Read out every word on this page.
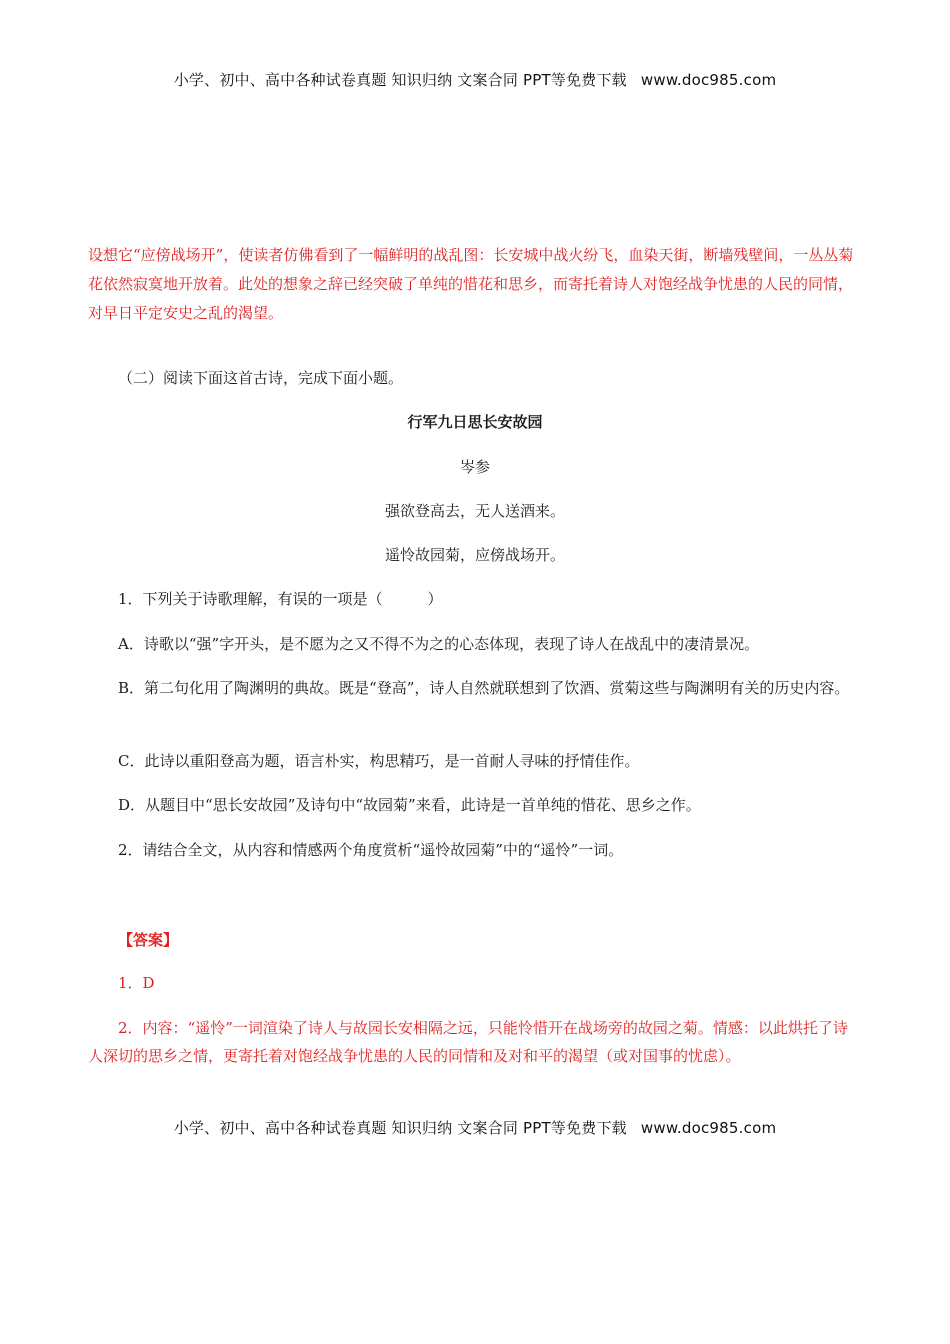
小学、初中、高中各种试卷真题 知识归纳 文案合同 PPT等免费下载 www.doc985.com
设想它“应傍战场开”，使读者仿佛看到了一幅鲜明的战乱图：长安城中战火纷飞，血染天街，断墙残壁间，一丛丛菊花依然寂寞地开放着。此处的想象之辞已经突破了单纯的惜花和思乡，而寄托着诗人对饱经战争忧患的人民的同情，对早日平定安史之乱的渴望。
（二）阅读下面这首古诗，完成下面小题。
行军九日思长安故园
岑参
强欲登高去，无人送酒来。
遥怜故园菊，应傍战场开。
1．下列关于诗歌理解，有误的一项是（　　　）
A．诗歌以“强”字开头，是不愿为之又不得不为之的心态体现，表现了诗人在战乱中的凄清景况。
B．第二句化用了陶渊明的典故。既是“登高”，诗人自然就联想到了饮酒、赏菊这些与陶渊明有关的历史内容。
C．此诗以重阳登高为题，语言朴实，构思精巧，是一首耐人寻味的抒情佳作。
D．从题目中“思长安故园”及诗句中“故园菊”来看，此诗是一首单纯的惜花、思乡之作。
2．请结合全文，从内容和情感两个角度赏析“遥怜故园菊”中的“遥怜”一词。
【答案】
1．D
2．内容：“遥怜”一词渲染了诗人与故园长安相隔之远，只能怜惜开在战场旁的故园之菊。情感：以此烘托了诗人深切的思乡之情，更寄托着对饱经战争忧患的人民的同情和及对和平的渴望（或对国事的忧虑）。
小学、初中、高中各种试卷真题 知识归纳 文案合同 PPT等免费下载 www.doc985.com
